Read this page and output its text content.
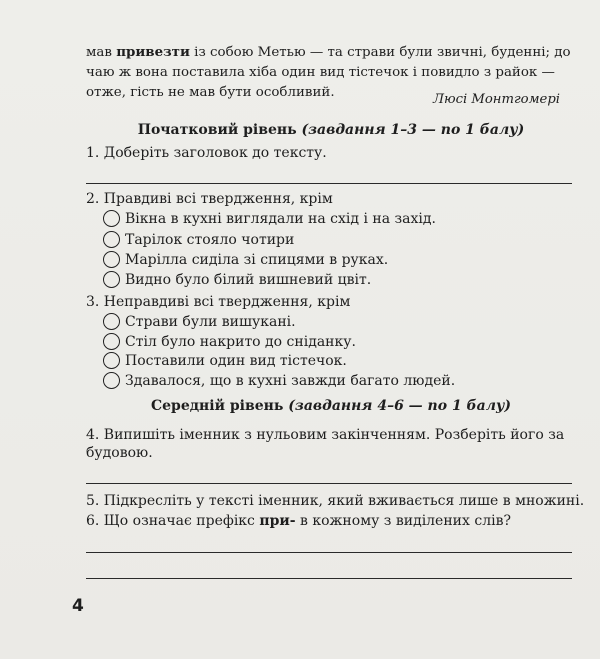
мав привезти із собою Метью — та страви були звичні, буденні; до
чаю ж вона поставила хіба один вид тістечок і повидло з райок —
отже, гість не мав бути особливий.	Люсі Монтгомері
Початковий рівень (завдання 1–3 — по 1 балу)
1. Доберіть заголовок до тексту.
2. Правдиві всі твердження, крім
Вікна в кухні виглядали на схід і на захід.
Тарілок стояло чотири
Марілла сиділа зі спицями в руках.
Видно було білий вишневий цвіт.
3. Неправдиві всі твердження, крім
Страви були вишукані.
Стіл було накрито до сніданку.
Поставили один вид тістечок.
Здавалося, що в кухні завжди багато людей.
Середній рівень (завдання 4–6 — по 1 балу)
4. Випишіть іменник з нульовим закінченням. Розберіть його за
будовою.
5. Підкресліть у тексті іменник, який вживається лише в множині.
6. Що означає префікс при- в кожному з виділених слів?
4
